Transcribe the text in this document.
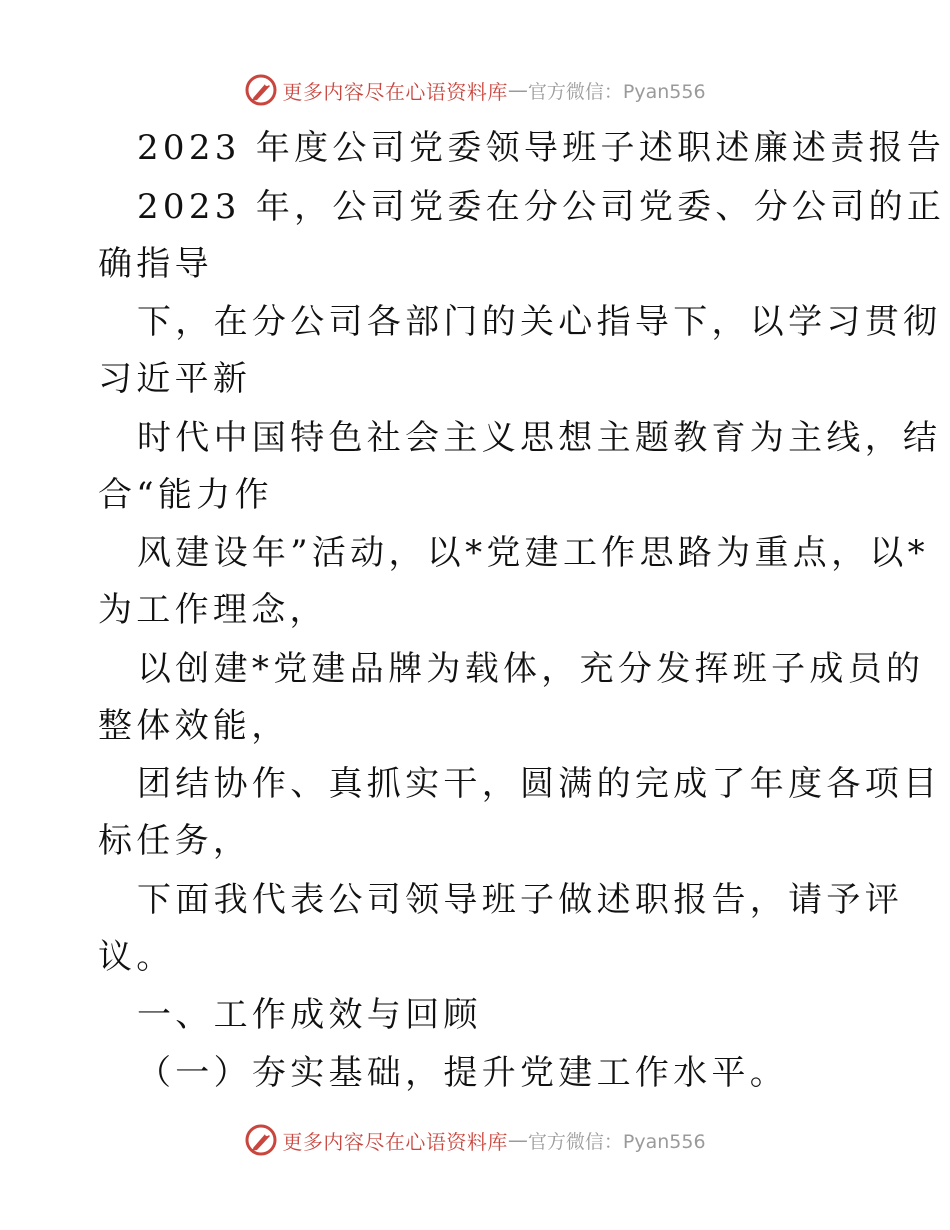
更多内容尽在心语资料库 — 官方微信：Pyan556
2023 年度公司党委领导班子述职述廉述责报告
2023 年，公司党委在分公司党委、分公司的正
确指导
下，在分公司各部门的关心指导下，以学习贯彻
习近平新
时代中国特色社会主义思想主题教育为主线，结
合“能力作
风建设年”活动，以*党建工作思路为重点，以*
为工作理念，
以创建*党建品牌为载体，充分发挥班子成员的
整体效能，
团结协作、真抓实干，圆满的完成了年度各项目
标任务，
下面我代表公司领导班子做述职报告，请予评
议。
一、工作成效与回顾
（一）夯实基础，提升党建工作水平。
更多内容尽在心语资料库 — 官方微信：Pyan556
